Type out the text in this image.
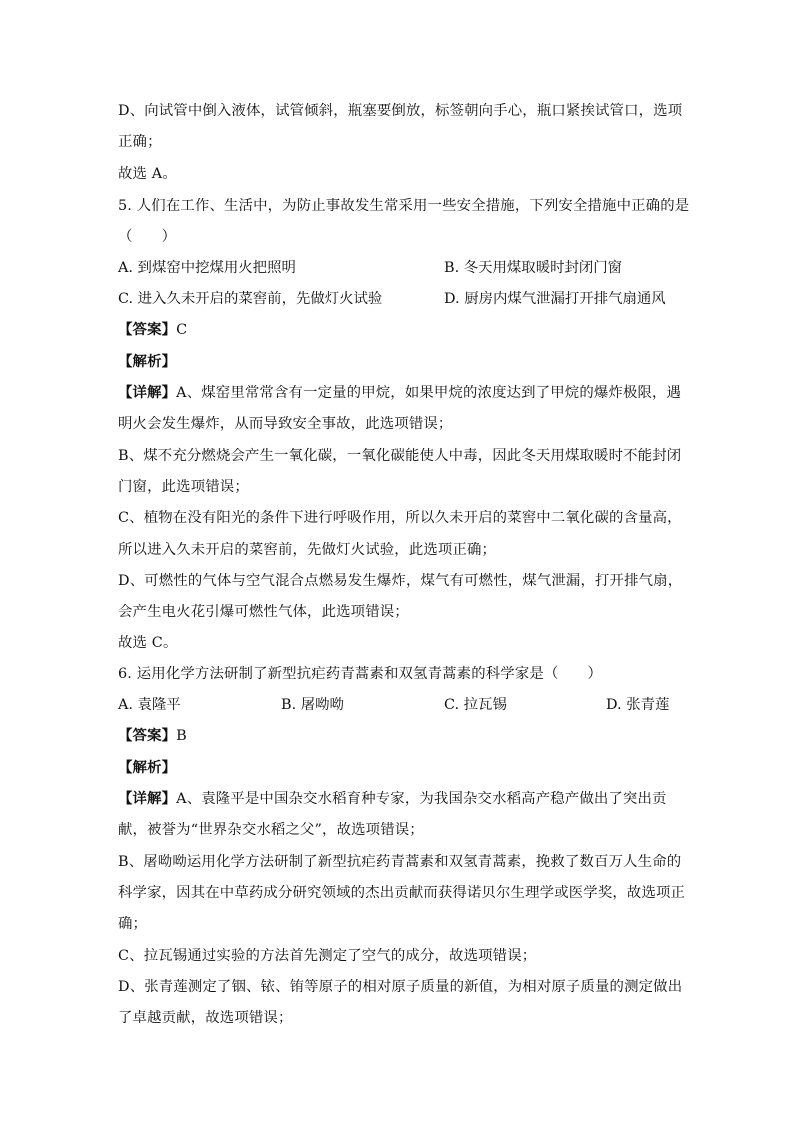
D、向试管中倒入液体，试管倾斜，瓶塞要倒放，标签朝向手心，瓶口紧挨试管口，选项
正确；
故选 A。
5. 人们在工作、生活中，为防止事故发生常采用一些安全措施，下列安全措施中正确的是
（　　）
A. 到煤窑中挖煤用火把照明	B. 冬天用煤取暖时封闭门窗
C. 进入久未开启的菜窖前，先做灯火试验	D. 厨房内煤气泄漏打开排气扇通风
【答案】C
【解析】
【详解】A、煤窑里常常含有一定量的甲烷，如果甲烷的浓度达到了甲烷的爆炸极限，遇
明火会发生爆炸，从而导致安全事故，此选项错误；
B、煤不充分燃烧会产生一氧化碳，一氧化碳能使人中毒，因此冬天用煤取暖时不能封闭
门窗，此选项错误；
C、植物在没有阳光的条件下进行呼吸作用，所以久未开启的菜窖中二氧化碳的含量高，
所以进入久未开启的菜窖前，先做灯火试验，此选项正确；
D、可燃性的气体与空气混合点燃易发生爆炸，煤气有可燃性，煤气泄漏，打开排气扇，
会产生电火花引爆可燃性气体，此选项错误；
故选 C。
6. 运用化学方法研制了新型抗疟药青蒿素和双氢青蒿素的科学家是（　　）
A. 袁隆平	B. 屠呦呦	C. 拉瓦锡	D. 张青莲
【答案】B
【解析】
【详解】A、袁隆平是中国杂交水稻育种专家，为我国杂交水稻高产稳产做出了突出贡
献，被誉为“世界杂交水稻之父”，故选项错误；
B、屠呦呦运用化学方法研制了新型抗疟药青蒿素和双氢青蒿素，挽救了数百万人生命的
科学家，因其在中草药成分研究领域的杰出贡献而获得诺贝尔生理学或医学奖，故选项正
确；
C、拉瓦锡通过实验的方法首先测定了空气的成分，故选项错误；
D、张青莲测定了铟、铱、铕等原子的相对原子质量的新值，为相对原子质量的测定做出
了卓越贡献，故选项错误；
